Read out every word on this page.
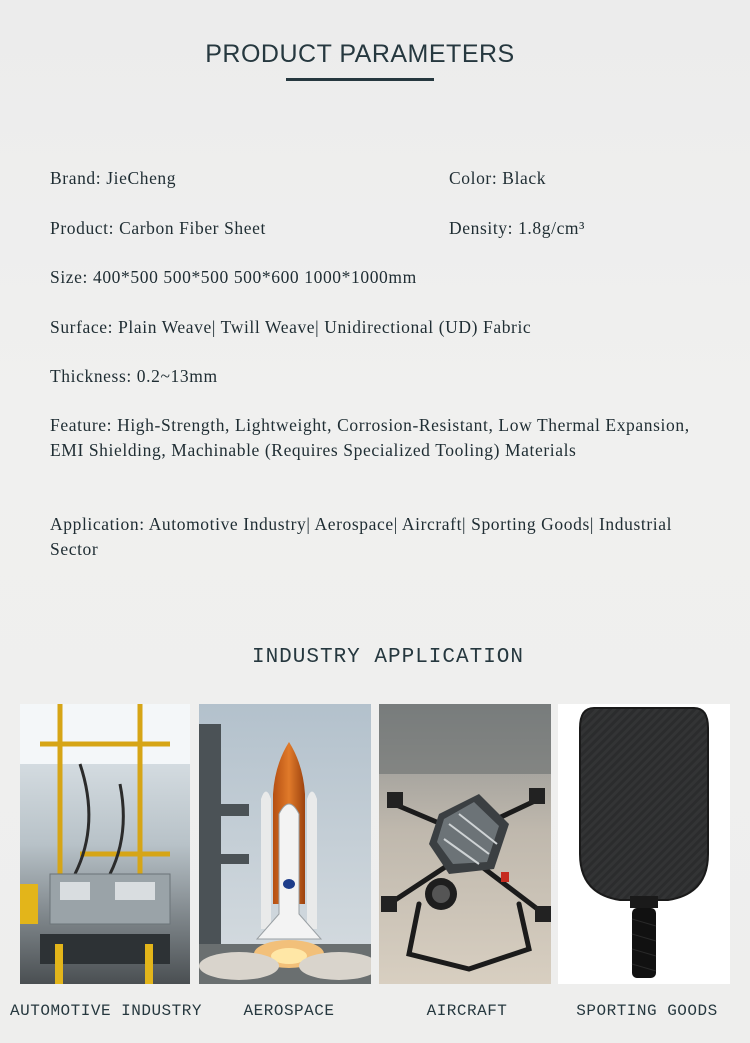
PRODUCT PARAMETERS
Brand: JieCheng	Color: Black
Product: Carbon Fiber Sheet	Density: 1.8g/cm³
Size: 400*500 500*500 500*600 1000*1000mm
Surface: Plain Weave| Twill Weave| Unidirectional (UD) Fabric
Thickness: 0.2~13mm
Feature: High-Strength, Lightweight, Corrosion-Resistant, Low Thermal Expansion, EMI Shielding, Machinable (Requires Specialized Tooling) Materials
Application: Automotive Industry| Aerospace| Aircraft| Sporting Goods| Industrial Sector
INDUSTRY APPLICATION
AUTOMOTIVE INDUSTRY	AEROSPACE	AIRCRAFT	SPORTING GOODS
